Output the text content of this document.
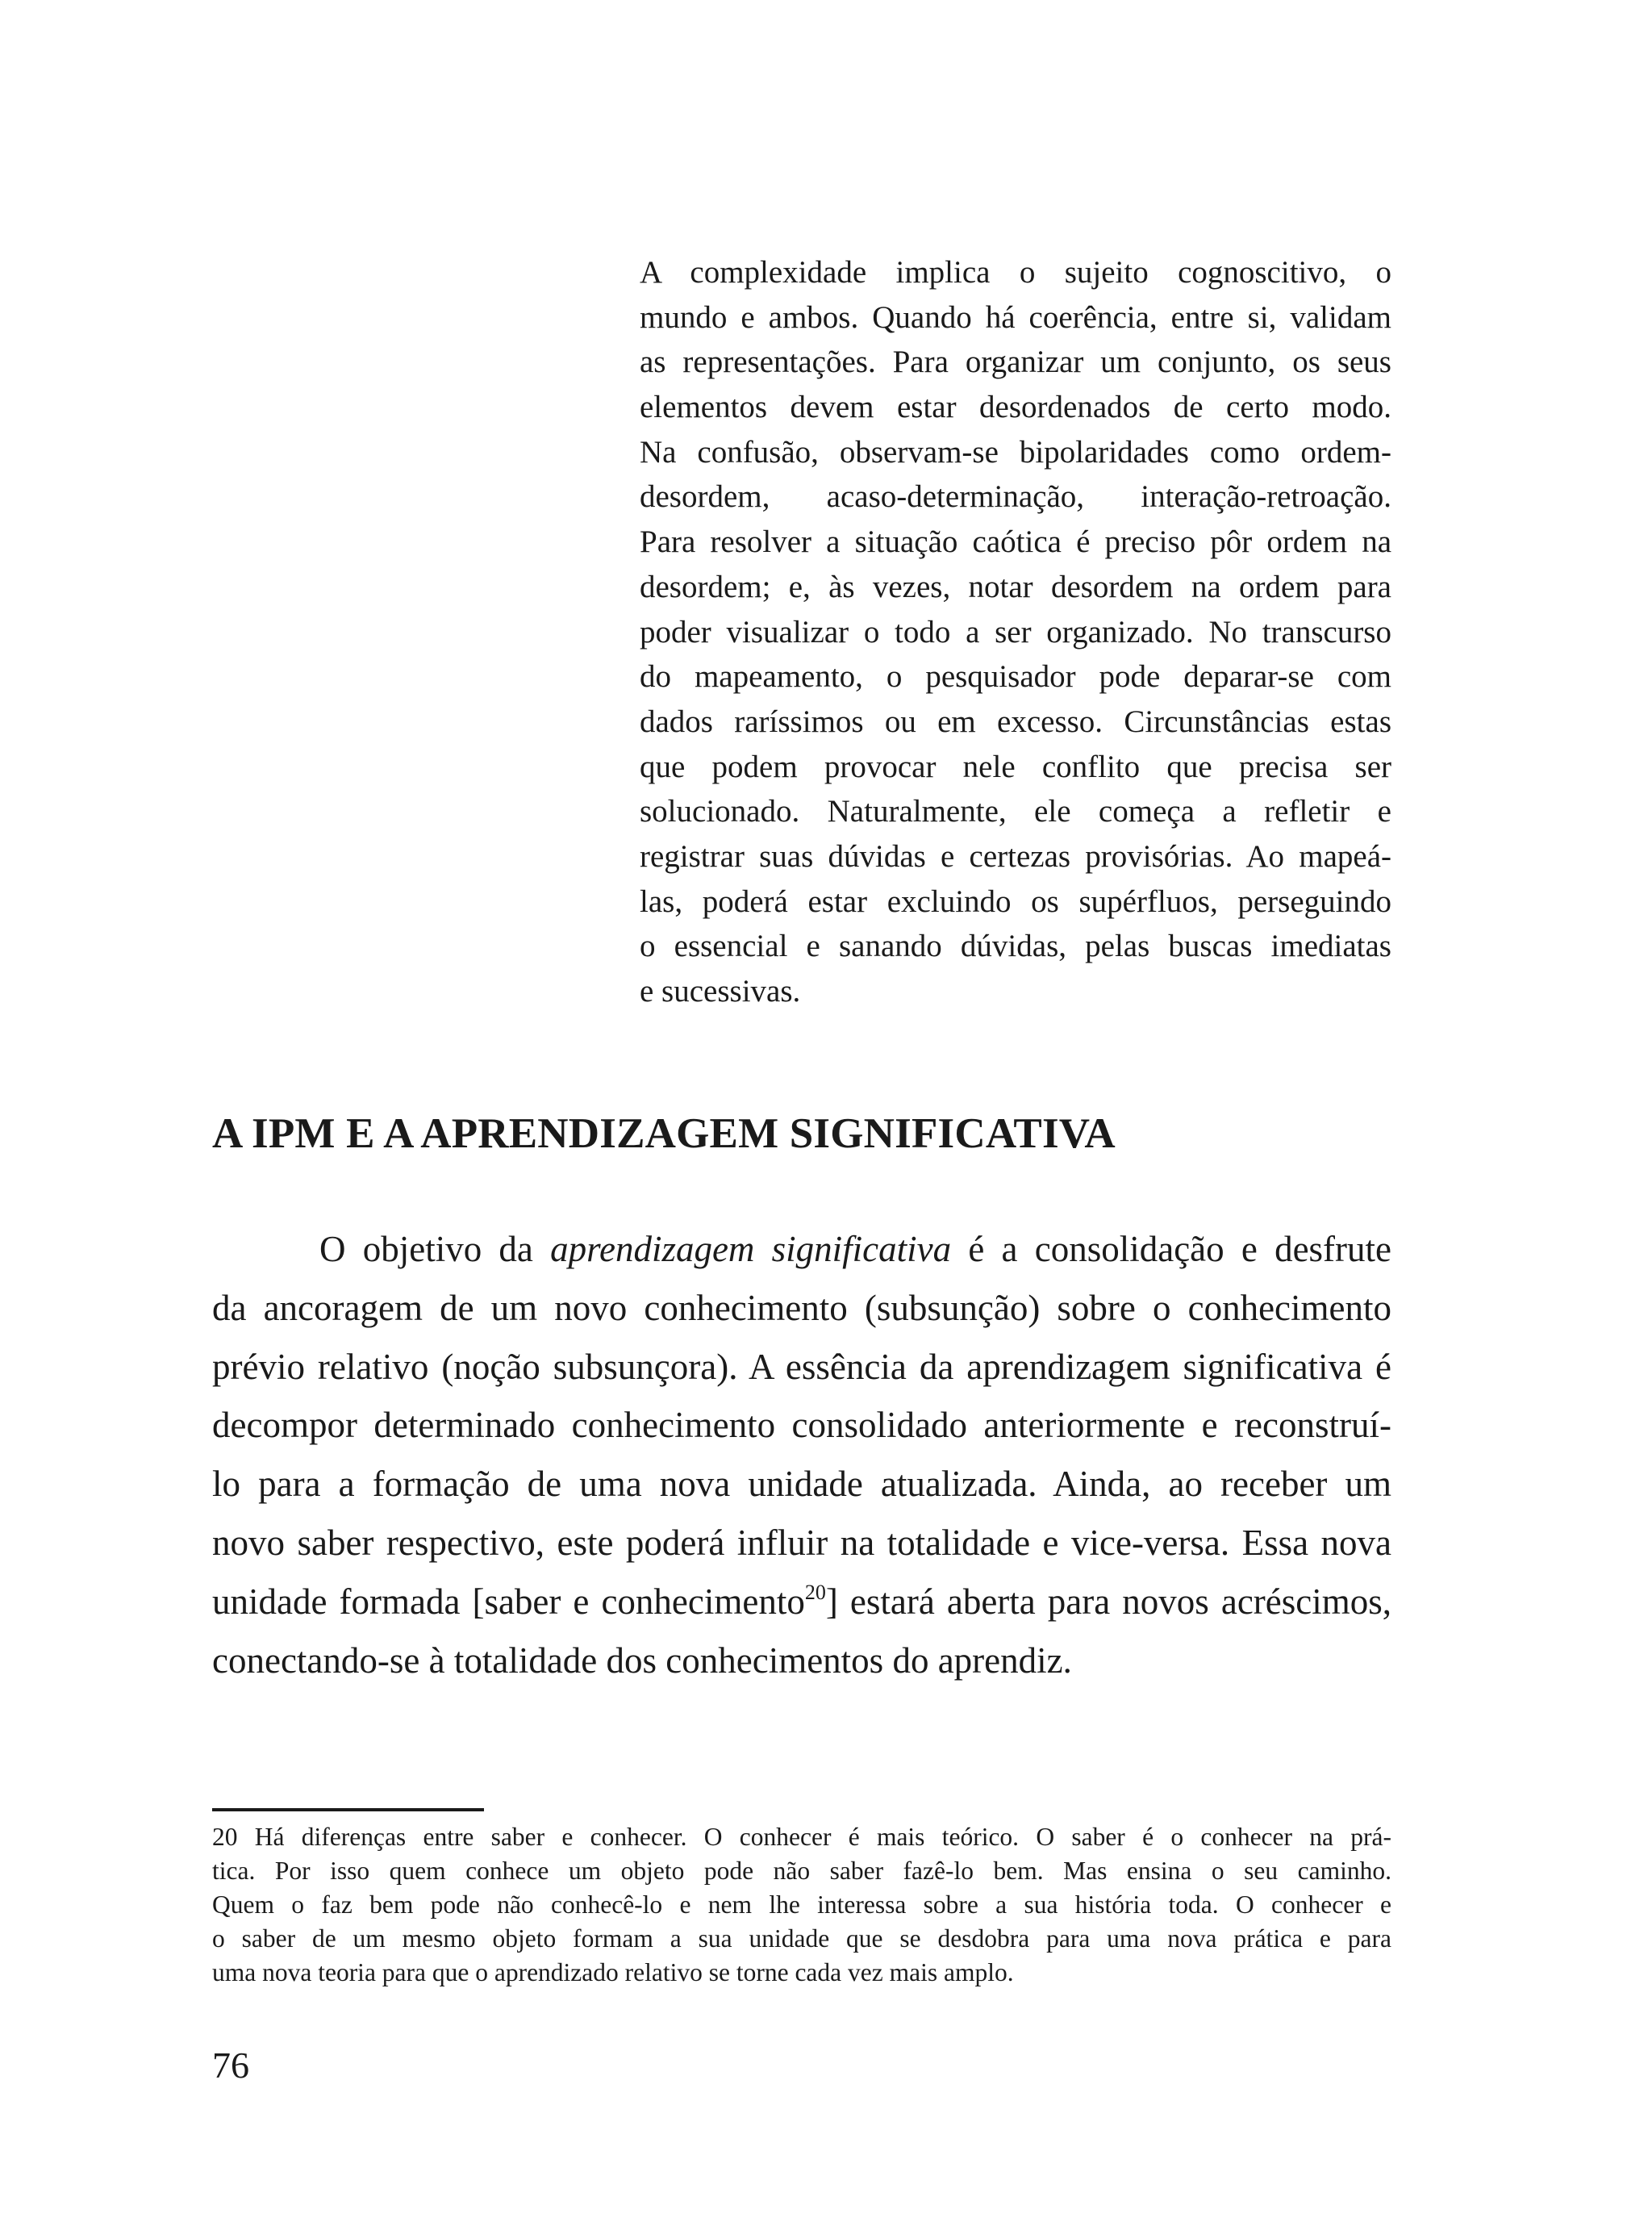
A complexidade implica o sujeito cognoscitivo, o
mundo e ambos. Quando há coerência, entre si, validam
as representações. Para organizar um conjunto, os seus
elementos devem estar desordenados de certo modo.
Na confusão, observam-se bipolaridades como ordem-
desordem, acaso-determinação, interação-retroação.
Para resolver a situação caótica é preciso pôr ordem na
desordem; e, às vezes, notar desordem na ordem para
poder visualizar o todo a ser organizado. No transcurso
do mapeamento, o pesquisador pode deparar-se com
dados raríssimos ou em excesso. Circunstâncias estas
que podem provocar nele conflito que precisa ser
solucionado. Naturalmente, ele começa a refletir e
registrar suas dúvidas e certezas provisórias. Ao mapeá-
las, poderá estar excluindo os supérfluos, perseguindo
o essencial e sanando dúvidas, pelas buscas imediatas
e sucessivas.
A IPM E A APRENDIZAGEM SIGNIFICATIVA
O objetivo da aprendizagem significativa é a consolidação e desfrute
da ancoragem de um novo conhecimento (subsunção) sobre o conhecimento
prévio relativo (noção subsunçora). A essência da aprendizagem significativa é
decompor determinado conhecimento consolidado anteriormente e reconstruí-
lo para a formação de uma nova unidade atualizada. Ainda, ao receber um
novo saber respectivo, este poderá influir na totalidade e vice-versa. Essa nova
unidade formada [saber e conhecimento$^{20}$] estará aberta para novos acréscimos,
conectando-se à totalidade dos conhecimentos do aprendiz.
20 Há diferenças entre saber e conhecer. O conhecer é mais teórico. O saber é o conhecer na prá-
tica. Por isso quem conhece um objeto pode não saber fazê-lo bem. Mas ensina o seu caminho.
Quem o faz bem pode não conhecê-lo e nem lhe interessa sobre a sua história toda. O conhecer e
o saber de um mesmo objeto formam a sua unidade que se desdobra para uma nova prática e para
uma nova teoria para que o aprendizado relativo se torne cada vez mais amplo.
76
